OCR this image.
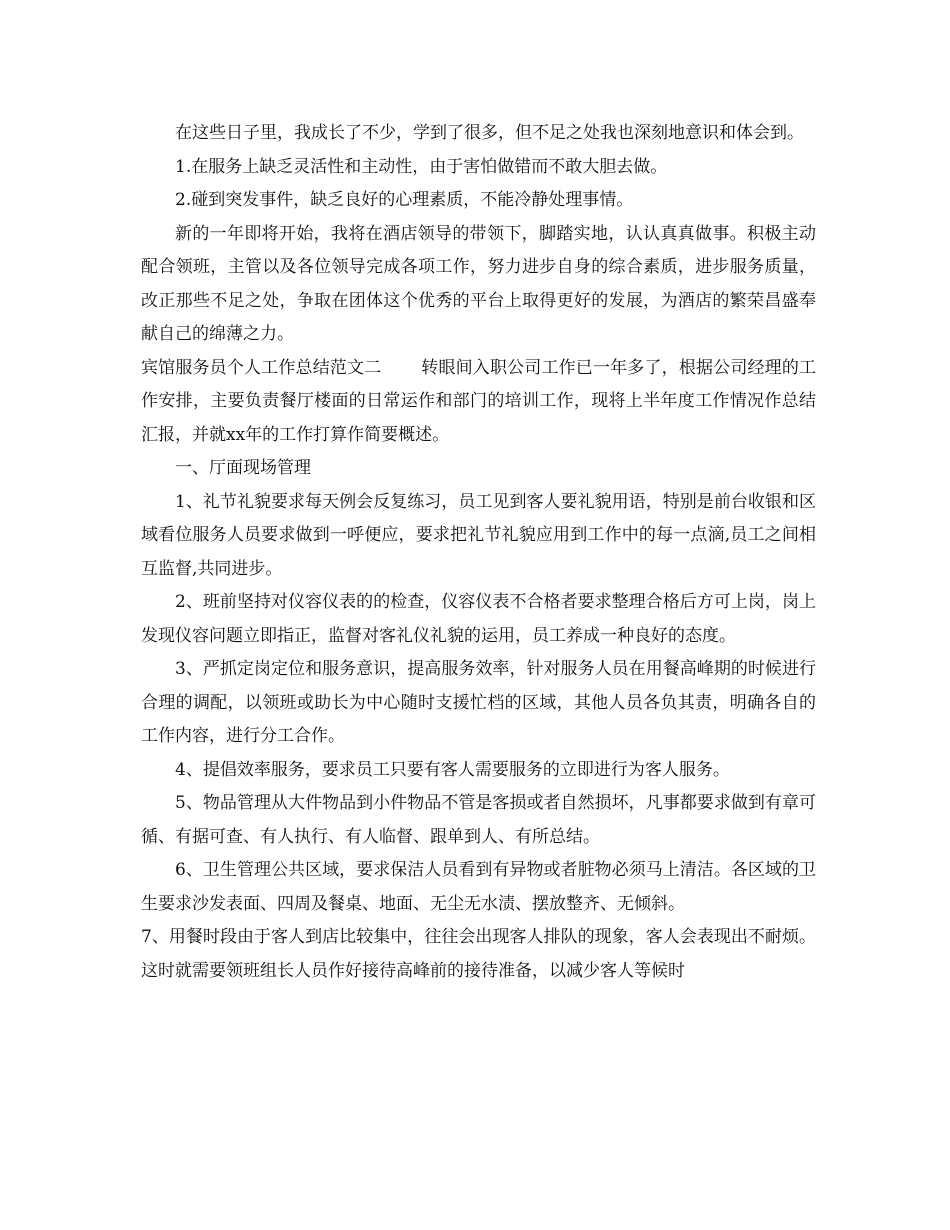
在这些日子里，我成长了不少，学到了很多，但不足之处我也深刻地意识和体会到。

1.在服务上缺乏灵活性和主动性，由于害怕做错而不敢大胆去做。

2.碰到突发事件，缺乏良好的心理素质，不能冷静处理事情。

新的一年即将开始，我将在酒店领导的带领下，脚踏实地，认认真真做事。积极主动配合领班，主管以及各位领导完成各项工作，努力进步自身的综合素质，进步服务质量，改正那些不足之处，争取在团体这个优秀的平台上取得更好的发展，为酒店的繁荣昌盛奉献自己的绵薄之力。

宾馆服务员个人工作总结范文二　　 转眼间入职公司工作已一年多了，根据公司经理的工作安排，主要负责餐厅楼面的日常运作和部门的培训工作，现将上半年度工作情况作总结汇报，并就xx年的工作打算作简要概述。

一、厅面现场管理

1、礼节礼貌要求每天例会反复练习，员工见到客人要礼貌用语，特别是前台收银和区域看位服务人员要求做到一呼便应，要求把礼节礼貌应用到工作中的每一点滴,员工之间相互监督,共同进步。

2、班前坚持对仪容仪表的的检查，仪容仪表不合格者要求整理合格后方可上岗，岗上发现仪容问题立即指正，监督对客礼仪礼貌的运用，员工养成一种良好的态度。

3、严抓定岗定位和服务意识，提高服务效率，针对服务人员在用餐高峰期的时候进行合理的调配，以领班或助长为中心随时支援忙档的区域，其他人员各负其责，明确各自的工作内容，进行分工合作。

4、提倡效率服务，要求员工只要有客人需要服务的立即进行为客人服务。

5、物品管理从大件物品到小件物品不管是客损或者自然损坏，凡事都要求做到有章可循、有据可查、有人执行、有人临督、跟单到人、有所总结。

6、卫生管理公共区域，要求保洁人员看到有异物或者脏物必须马上清洁。各区域的卫生要求沙发表面、四周及餐桌、地面、无尘无水渍、摆放整齐、无倾斜。

7、用餐时段由于客人到店比较集中，往往会出现客人排队的现象，客人会表现出不耐烦。这时就需要领班组长人员作好接待高峰前的接待准备，以减少客人等候时
